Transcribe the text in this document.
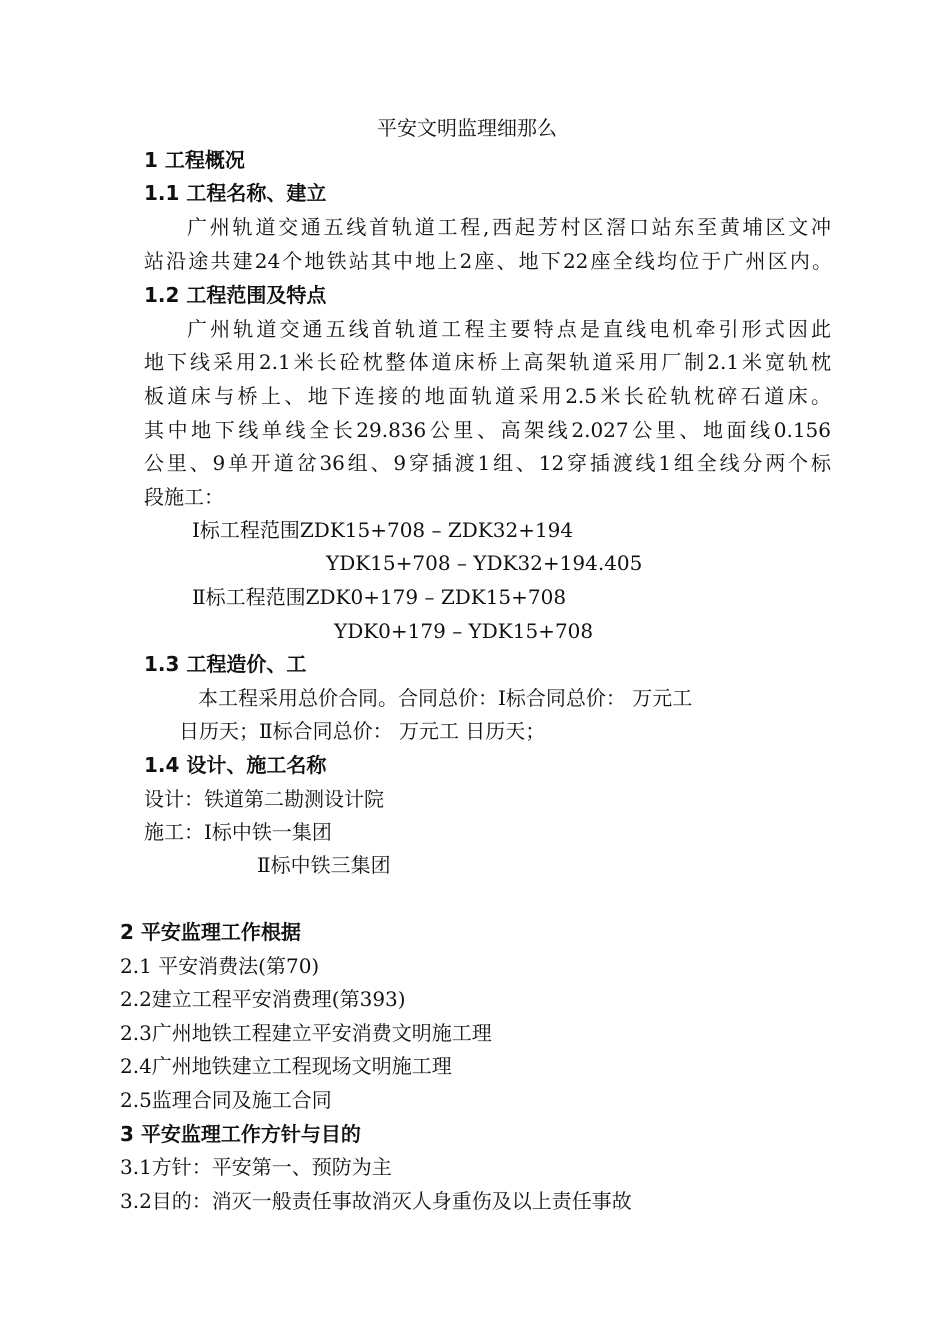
平安文明监理细那么
1 工程概况
1.1 工程名称、建立
广州轨道交通五线首轨道工程,西起芳村区滘口站东至黄埔区文冲
站沿途共建24个地铁站其中地上2座、地下22座全线均位于广州区内。
1.2 工程范围及特点
广州轨道交通五线首轨道工程主要特点是直线电机牵引形式因此
地下线采用2.1米长砼枕整体道床桥上高架轨道采用厂制2.1米宽轨枕
板道床与桥上、地下连接的地面轨道采用2.5米长砼轨枕碎石道床。
其中地下线单线全长29.836公里、高架线2.027公里、地面线0.156
公里、9单开道岔36组、9穿插渡1组、12穿插渡线1组全线分两个标
段施工：
Ⅰ标工程范围ZDK15+708 – ZDK32+194
YDK15+708 – YDK32+194.405
Ⅱ标工程范围ZDK0+179 – ZDK15+708
YDK0+179 – YDK15+708
1.3 工程造价、工
本工程采用总价合同。合同总价：Ⅰ标合同总价： 万元工
日历天；Ⅱ标合同总价： 万元工 日历天；
1.4 设计、施工名称
设计：铁道第二勘测设计院
施工：Ⅰ标中铁一集团
Ⅱ标中铁三集团
2 平安监理工作根据
2.1 平安消费法(第70)
2.2建立工程平安消费理(第393)
2.3广州地铁工程建立平安消费文明施工理
2.4广州地铁建立工程现场文明施工理
2.5监理合同及施工合同
3 平安监理工作方针与目的
3.1方针：平安第一、预防为主
3.2目的：消灭一般责任事故消灭人身重伤及以上责任事故
